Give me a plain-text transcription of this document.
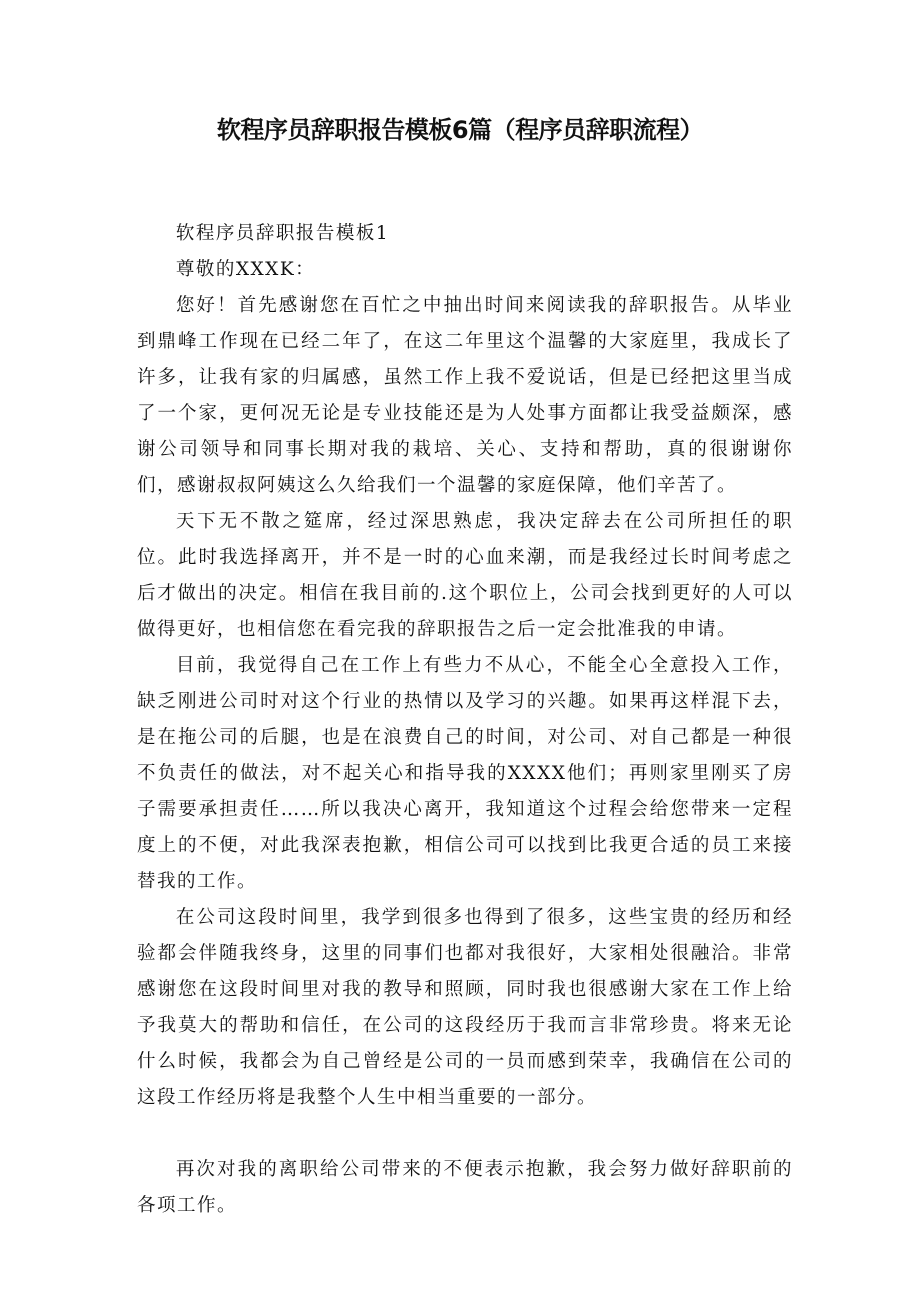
软程序员辞职报告模板6篇（程序员辞职流程）

软程序员辞职报告模板1

尊敬的XXXK：

您好！首先感谢您在百忙之中抽出时间来阅读我的辞职报告。从毕业到鼎峰工作现在已经二年了，在这二年里这个温馨的大家庭里，我成长了许多，让我有家的归属感，虽然工作上我不爱说话，但是已经把这里当成了一个家，更何况无论是专业技能还是为人处事方面都让我受益颇深，感谢公司领导和同事长期对我的栽培、关心、支持和帮助，真的很谢谢你们，感谢叔叔阿姨这么久给我们一个温馨的家庭保障，他们辛苦了。

天下无不散之筵席，经过深思熟虑，我决定辞去在公司所担任的职位。此时我选择离开，并不是一时的心血来潮，而是我经过长时间考虑之后才做出的决定。相信在我目前的.这个职位上，公司会找到更好的人可以做得更好，也相信您在看完我的辞职报告之后一定会批准我的申请。

目前，我觉得自己在工作上有些力不从心，不能全心全意投入工作，缺乏刚进公司时对这个行业的热情以及学习的兴趣。如果再这样混下去，是在拖公司的后腿，也是在浪费自己的时间，对公司、对自己都是一种很不负责任的做法，对不起关心和指导我的XXXX他们；再则家里刚买了房子需要承担责任……所以我决心离开，我知道这个过程会给您带来一定程度上的不便，对此我深表抱歉，相信公司可以找到比我更合适的员工来接替我的工作。

在公司这段时间里，我学到很多也得到了很多，这些宝贵的经历和经验都会伴随我终身，这里的同事们也都对我很好，大家相处很融洽。非常感谢您在这段时间里对我的教导和照顾，同时我也很感谢大家在工作上给予我莫大的帮助和信任，在公司的这段经历于我而言非常珍贵。将来无论什么时候，我都会为自己曾经是公司的一员而感到荣幸，我确信在公司的这段工作经历将是我整个人生中相当重要的一部分。

再次对我的离职给公司带来的不便表示抱歉，我会努力做好辞职前的各项工作。
